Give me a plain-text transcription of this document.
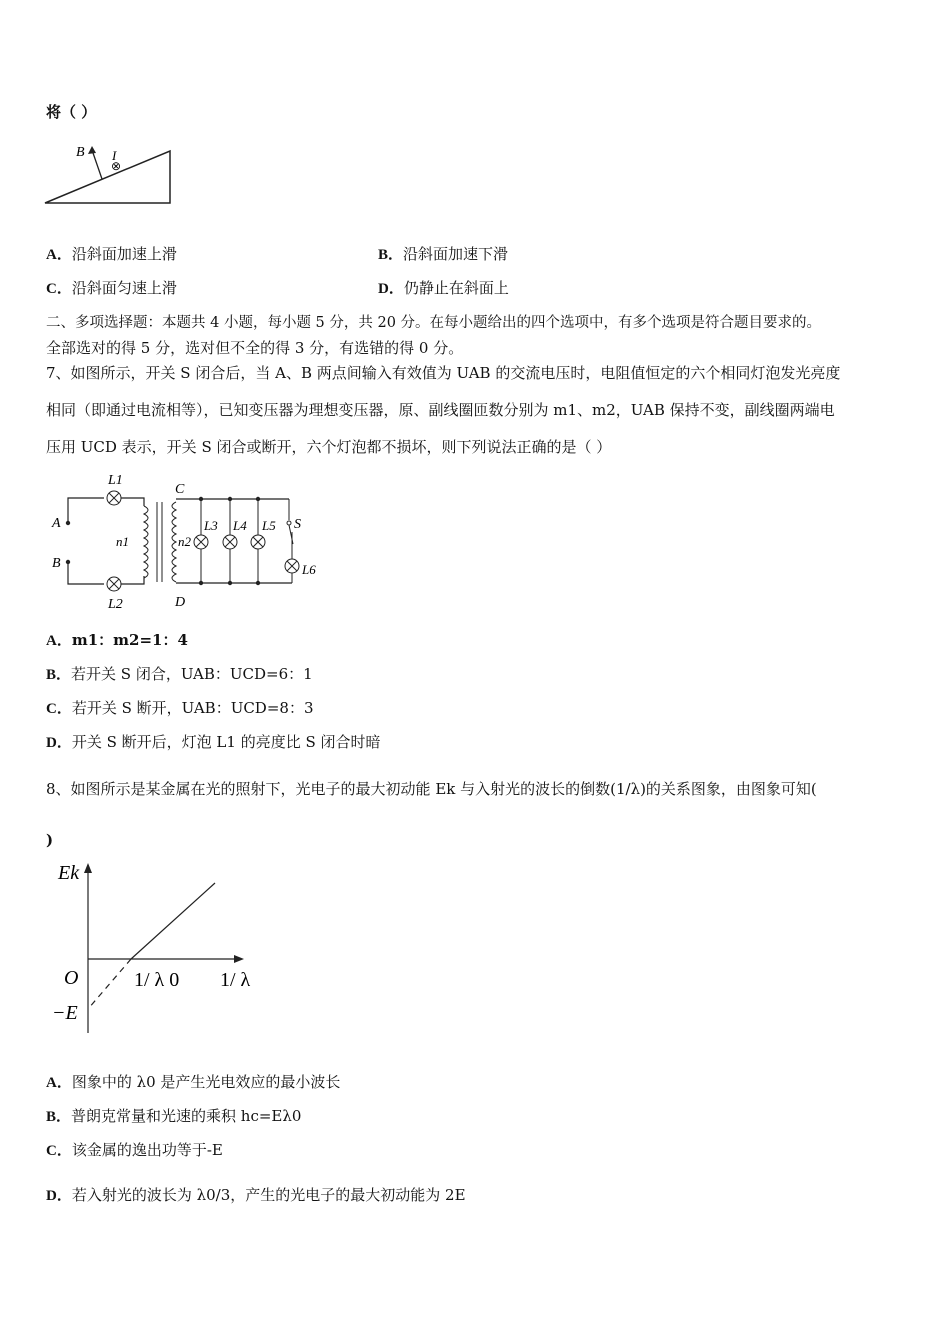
将（ ）
B I
⊗
A．沿斜面加速上滑	B．沿斜面加速下滑
C．沿斜面匀速上滑	D．仍静止在斜面上
二、多项选择题：本题共 4 小题，每小题 5 分，共 20 分。在每小题给出的四个选项中，有多个选项是符合题目要求的。
全部选对的得 5 分，选对但不全的得 3 分，有选错的得 0 分。
7、如图所示，开关 S 闭合后，当 A、B 两点间输入有效值为 UAB 的交流电压时，电阻值恒定的六个相同灯泡发光亮度
相同（即通过电流相等），已知变压器为理想变压器，原、副线圈匝数分别为 m1、m2，UAB 保持不变，副线圈两端电
压用 UCD 表示，开关 S 闭合或断开，六个灯泡都不损坏，则下列说法正确的是（ ）
L1
L2
A
B
C
D
n1	n2
L3 L4 L5 S
L6
A．m1：m2=1：4
B．若开关 S 闭合，UAB：UCD=6：1
C．若开关 S 断开，UAB：UCD=8：3
D．开关 S 断开后，灯泡 L1 的亮度比 S 闭合时暗
8、如图所示是某金属在光的照射下，光电子的最大初动能 Ek 与入射光的波长的倒数(1/λ)的关系图象，由图象可知(
)
Ek
O	1/ λ 0 1/ λ
−E
A．图象中的 λ0 是产生光电效应的最小波长
B．普朗克常量和光速的乘积 hc=Eλ0
C．该金属的逸出功等于-E
D．若入射光的波长为 λ0/3，产生的光电子的最大初动能为 2E
